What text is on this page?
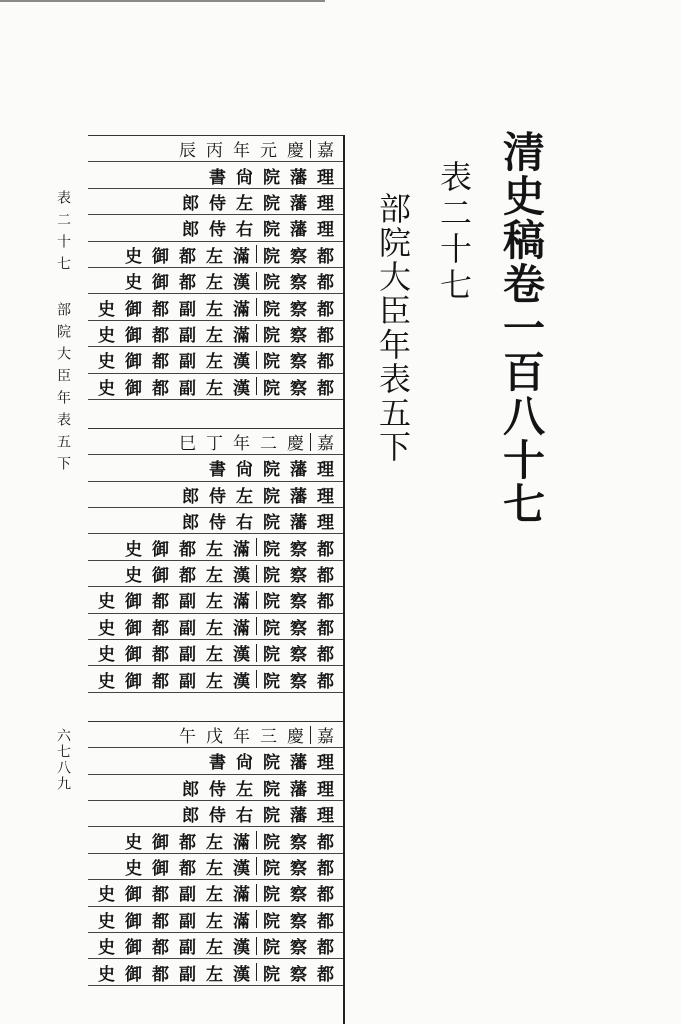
清史稿卷一百八十七
表二十七
部院大臣年表五下
表二十七 部院大臣年表五下
六七八九
辰 丙 年 元 慶 嘉
書 尙 院 藩 理
郎 侍 左 院 藩 理
郎 侍 右 院 藩 理
史 御 都 左 滿 院 察 都
史 御 都 左 漢 院 察 都
史 御 都 副 左 滿 院 察 都
史 御 都 副 左 滿 院 察 都
史 御 都 副 左 漢 院 察 都
史 御 都 副 左 漢 院 察 都
巳 丁 年 二 慶 嘉
書 尙 院 藩 理
郎 侍 左 院 藩 理
郎 侍 右 院 藩 理
史 御 都 左 滿 院 察 都
史 御 都 左 漢 院 察 都
史 御 都 副 左 滿 院 察 都
史 御 都 副 左 滿 院 察 都
史 御 都 副 左 漢 院 察 都
史 御 都 副 左 漢 院 察 都
午 戊 年 三 慶 嘉
書 尙 院 藩 理
郎 侍 左 院 藩 理
郎 侍 右 院 藩 理
史 御 都 左 滿 院 察 都
史 御 都 左 漢 院 察 都
史 御 都 副 左 滿 院 察 都
史 御 都 副 左 滿 院 察 都
史 御 都 副 左 漢 院 察 都
史 御 都 副 左 漢 院 察 都
